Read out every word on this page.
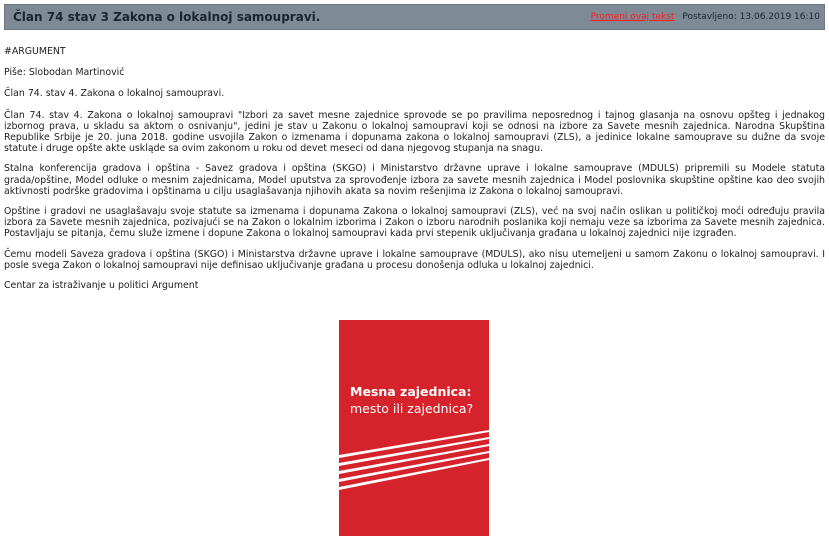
Član 74 stav 3 Zakona o lokalnoj samoupravi.	Promeni ovaj tekst Postavljeno: 13.06.2019 16:10

#ARGUMENT

Piše: Slobodan Martinović

Član 74. stav 4. Zakona o lokalnoj samoupravi.

Član 74. stav 4. Zakona o lokalnoj samoupravi "Izbori za savet mesne zajednice sprovode se po pravilima neposrednog i tajnog glasanja na osnovu opšteg i jednakog izbornog prava, u skladu sa aktom o osnivanju", jedini je stav u Zakonu o lokalnoj samoupravi koji se odnosi na izbore za Savete mesnih zajednica. Narodna Skupština Republike Srbije je 20. juna 2018. godine usvojila Zakon o izmenama i dopunama zakona o lokalnoj samoupravi (ZLS), a jedinice lokalne samouprave su dužne da svoje statute i druge opšte akte uskląde sa ovim zakonom u roku od devet meseci od dana njegovog stupanja na snagu.

Stalna konferencija gradova i opština - Savez gradova i opština (SKGO) i Ministarstvo državne uprave i lokalne samouprave (MDULS) pripremili su Modele statuta grada/opštine, Model odluke o mesnim zajednicama, Model uputstva za sprovođenje izbora za savete mesnih zajednica i Model poslovnika skupštine opštine kao deo svojih aktivnosti podrške gradovima i opštinama u cilju usaglašavanja njihovih akata sa novim rešenjima iz Zakona o lokalnoj samoupravi.

Opštine i gradovi ne usaglašavaju svoje statute sa izmenama i dopunama Zakona o lokalnoj samoupravi (ZLS), već na svoj način oslikan u političkoj moći određuju pravila izbora za Savete mesnih zajednica, pozivajući se na Zakon o lokalnim izborima i Zakon o izboru narodnih poslanika koji nemaju veze sa izborima za Savete mesnih zajednica. Postavljaju se pitanja, čemu služe izmene i dopune Zakona o lokalnoj samoupravi kada prvi stepenik uključivanja građana u lokalnoj zajednici nije izgrađen.

Čemu modeli Saveza gradova i opština (SKGO) i Ministarstva državne uprave i lokalne samouprave (MDULS), ako nisu utemeljeni u samom Zakonu o lokalnoj samoupravi. I posle svega Zakon o lokalnoj samoupravi nije definisao uključivanje građana u procesu donošenja odluka u lokalnoj zajednici.

Centar za istraživanje u politici Argument

Mesna zajednica:
mesto ili zajednica?
